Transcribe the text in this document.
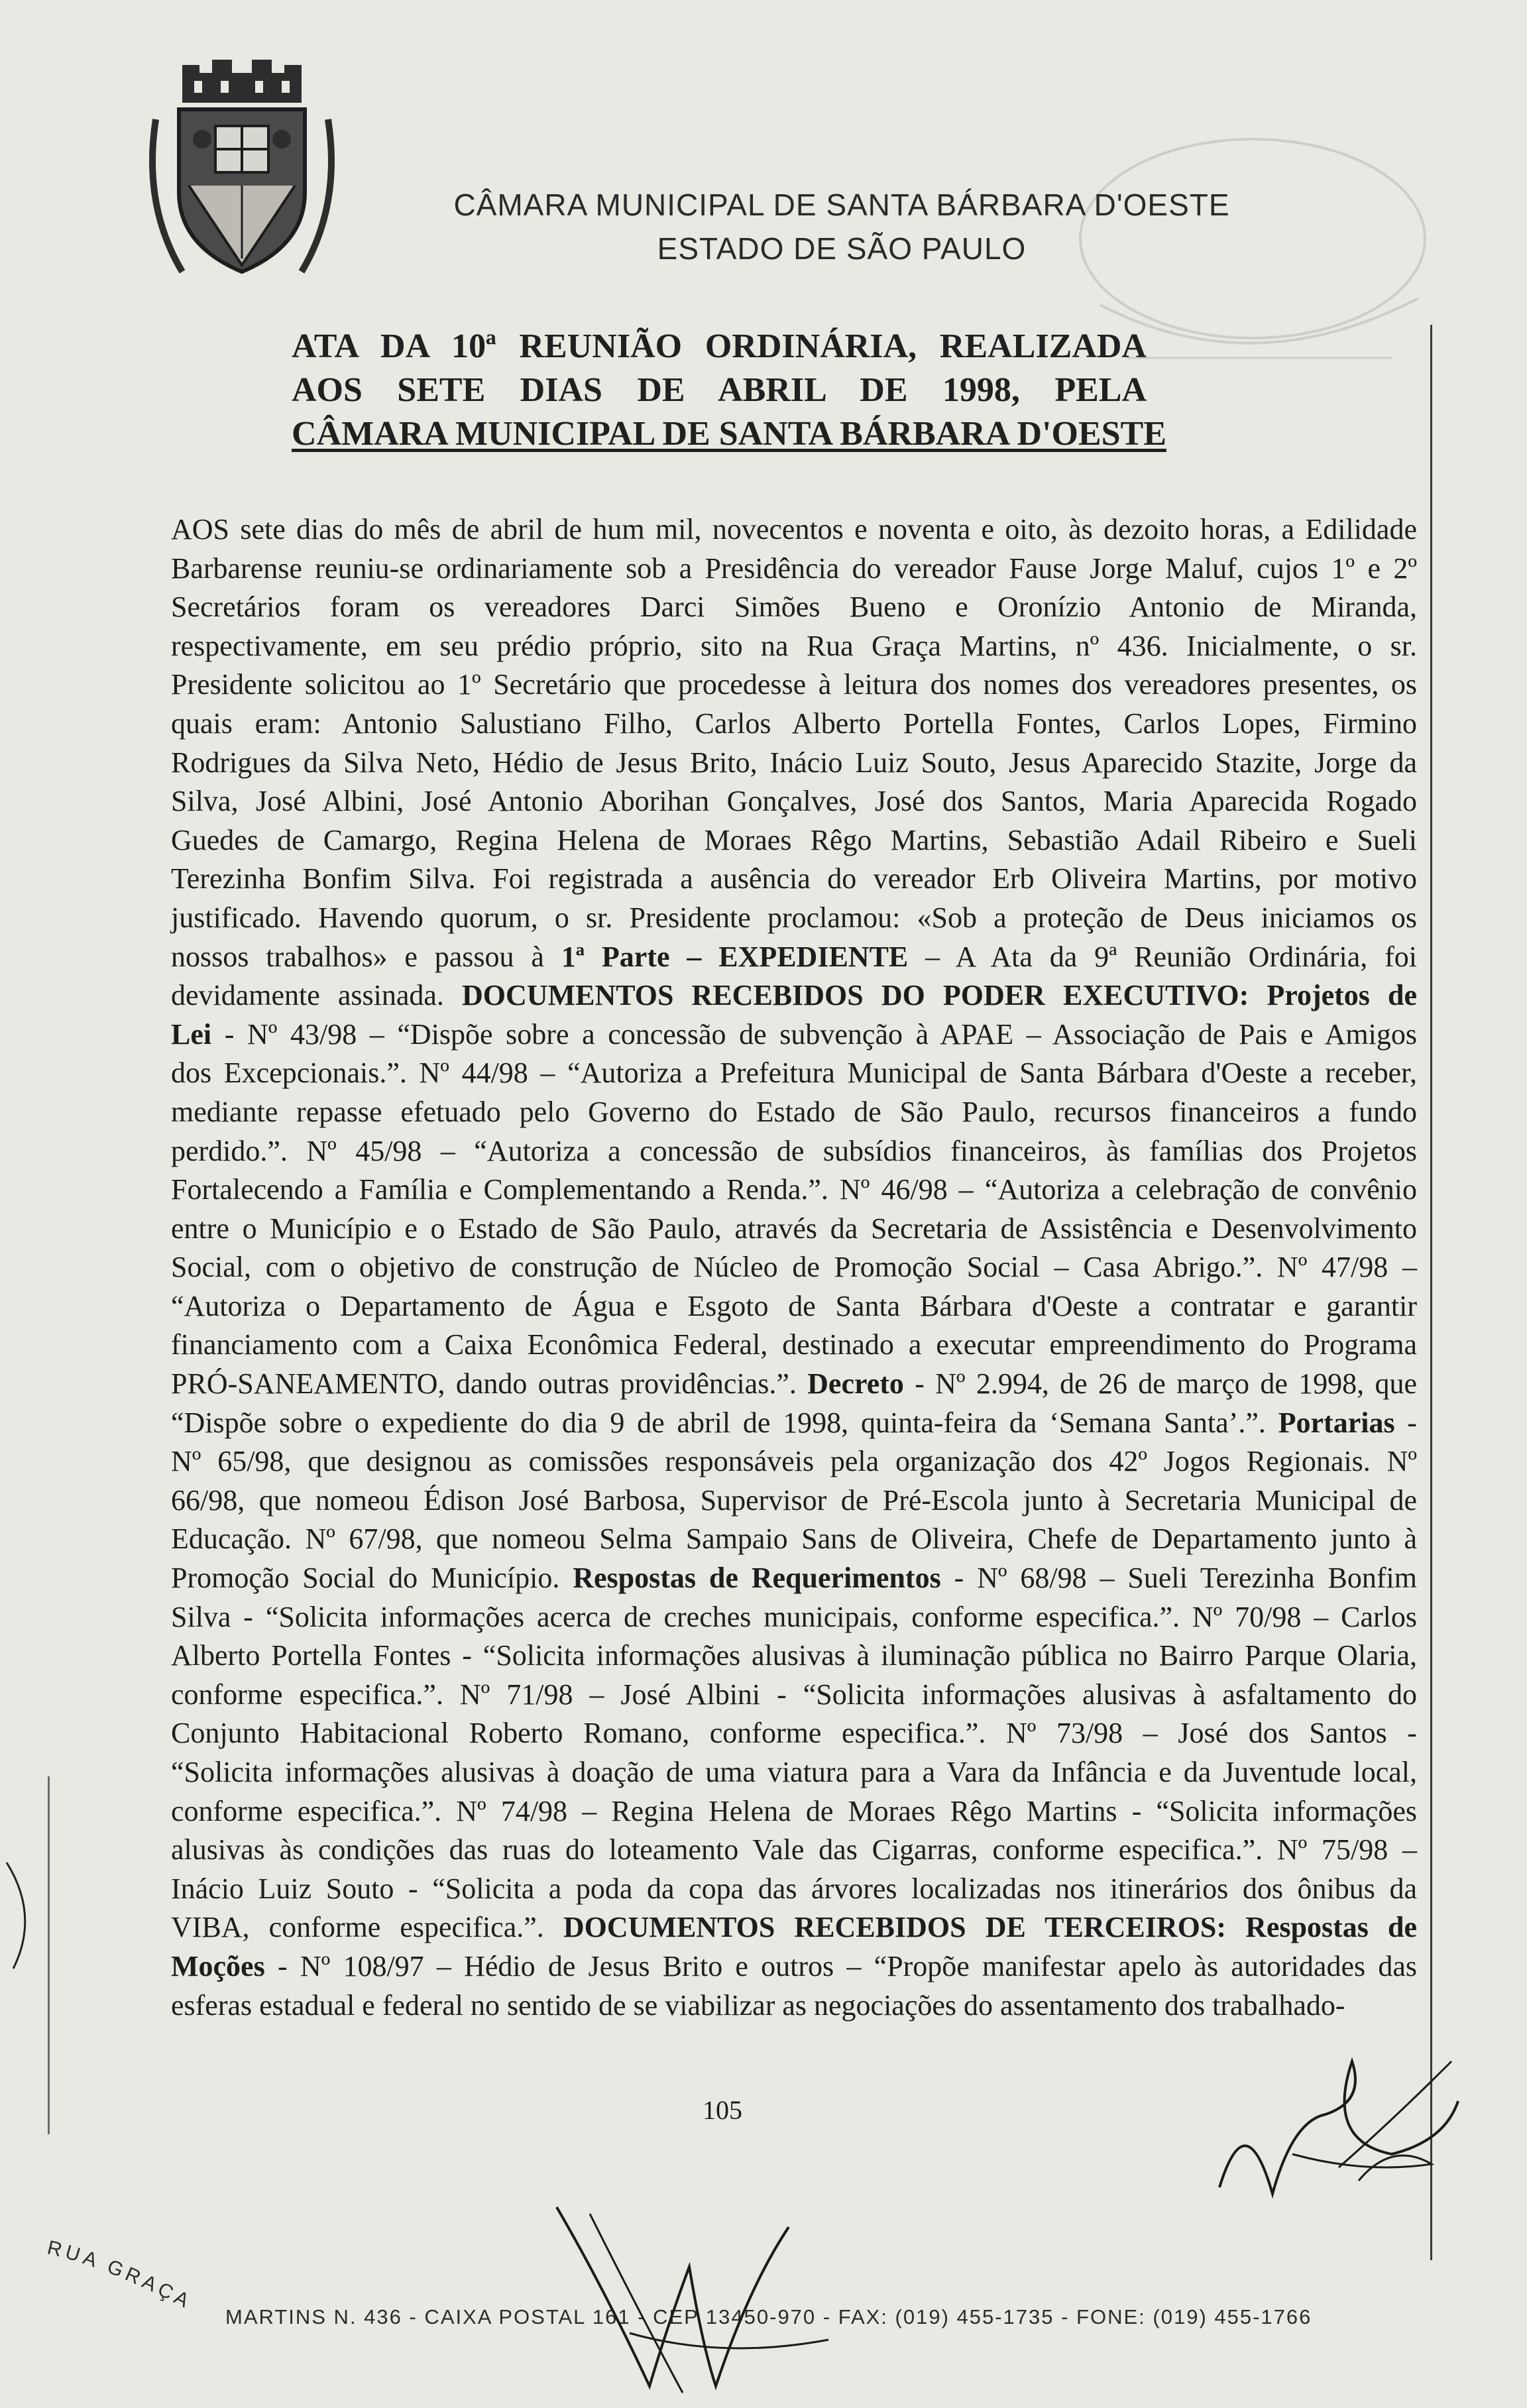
CÂMARA MUNICIPAL DE SANTA BÁRBARA D'OESTE
ESTADO DE SÃO PAULO
ATA DA 10ª REUNIÃO ORDINÁRIA, REALIZADA
AOS SETE DIAS DE ABRIL DE 1998, PELA
CÂMARA MUNICIPAL DE SANTA BÁRBARA D'OESTE
AOS sete dias do mês de abril de hum mil, novecentos e noventa e oito, às dezoito horas, a Edilidade
Barbarense reuniu-se ordinariamente sob a Presidência do vereador Fause Jorge Maluf, cujos 1º e 2º
Secretários foram os vereadores Darci Simões Bueno e Oronízio Antonio de Miranda,
respectivamente, em seu prédio próprio, sito na Rua Graça Martins, nº 436. Inicialmente, o sr.
Presidente solicitou ao 1º Secretário que procedesse à leitura dos nomes dos vereadores presentes, os
quais eram: Antonio Salustiano Filho, Carlos Alberto Portella Fontes, Carlos Lopes, Firmino
Rodrigues da Silva Neto, Hédio de Jesus Brito, Inácio Luiz Souto, Jesus Aparecido Stazite, Jorge da
Silva, José Albini, José Antonio Aborihan Gonçalves, José dos Santos, Maria Aparecida Rogado
Guedes de Camargo, Regina Helena de Moraes Rêgo Martins, Sebastião Adail Ribeiro e Sueli
Terezinha Bonfim Silva. Foi registrada a ausência do vereador Erb Oliveira Martins, por motivo
justificado. Havendo quorum, o sr. Presidente proclamou: «Sob a proteção de Deus iniciamos os
nossos trabalhos» e passou à 1ª Parte – EXPEDIENTE – A Ata da 9ª Reunião Ordinária, foi
devidamente assinada. DOCUMENTOS RECEBIDOS DO PODER EXECUTIVO: Projetos de
Lei - Nº 43/98 – “Dispõe sobre a concessão de subvenção à APAE – Associação de Pais e Amigos
dos Excepcionais.”. Nº 44/98 – “Autoriza a Prefeitura Municipal de Santa Bárbara d'Oeste a receber,
mediante repasse efetuado pelo Governo do Estado de São Paulo, recursos financeiros a fundo
perdido.”. Nº 45/98 – “Autoriza a concessão de subsídios financeiros, às famílias dos Projetos
Fortalecendo a Família e Complementando a Renda.”. Nº 46/98 – “Autoriza a celebração de convênio
entre o Município e o Estado de São Paulo, através da Secretaria de Assistência e Desenvolvimento
Social, com o objetivo de construção de Núcleo de Promoção Social – Casa Abrigo.”. Nº 47/98 –
“Autoriza o Departamento de Água e Esgoto de Santa Bárbara d'Oeste a contratar e garantir
financiamento com a Caixa Econômica Federal, destinado a executar empreendimento do Programa
PRÓ-SANEAMENTO, dando outras providências.”. Decreto - Nº 2.994, de 26 de março de 1998, que
“Dispõe sobre o expediente do dia 9 de abril de 1998, quinta-feira da ‘Semana Santa’.”. Portarias -
Nº 65/98, que designou as comissões responsáveis pela organização dos 42º Jogos Regionais. Nº
66/98, que nomeou Édison José Barbosa, Supervisor de Pré-Escola junto à Secretaria Municipal de
Educação. Nº 67/98, que nomeou Selma Sampaio Sans de Oliveira, Chefe de Departamento junto à
Promoção Social do Município. Respostas de Requerimentos - Nº 68/98 – Sueli Terezinha Bonfim
Silva - “Solicita informações acerca de creches municipais, conforme especifica.”. Nº 70/98 – Carlos
Alberto Portella Fontes - “Solicita informações alusivas à iluminação pública no Bairro Parque Olaria,
conforme especifica.”. Nº 71/98 – José Albini - “Solicita informações alusivas à asfaltamento do
Conjunto Habitacional Roberto Romano, conforme especifica.”. Nº 73/98 – José dos Santos -
“Solicita informações alusivas à doação de uma viatura para a Vara da Infância e da Juventude local,
conforme especifica.”. Nº 74/98 – Regina Helena de Moraes Rêgo Martins - “Solicita informações
alusivas às condições das ruas do loteamento Vale das Cigarras, conforme especifica.”. Nº 75/98 –
Inácio Luiz Souto - “Solicita a poda da copa das árvores localizadas nos itinerários dos ônibus da
VIBA, conforme especifica.”. DOCUMENTOS RECEBIDOS DE TERCEIROS: Respostas de
Moções - Nº 108/97 – Hédio de Jesus Brito e outros – “Propõe manifestar apelo às autoridades das
esferas estadual e federal no sentido de se viabilizar as negociações do assentamento dos trabalhado-
105
RUA GRAÇA
MARTINS N. 436 - CAIXA POSTAL 161 - CEP 13450-970 - FAX: (019) 455-1735 - FONE: (019) 455-1766
